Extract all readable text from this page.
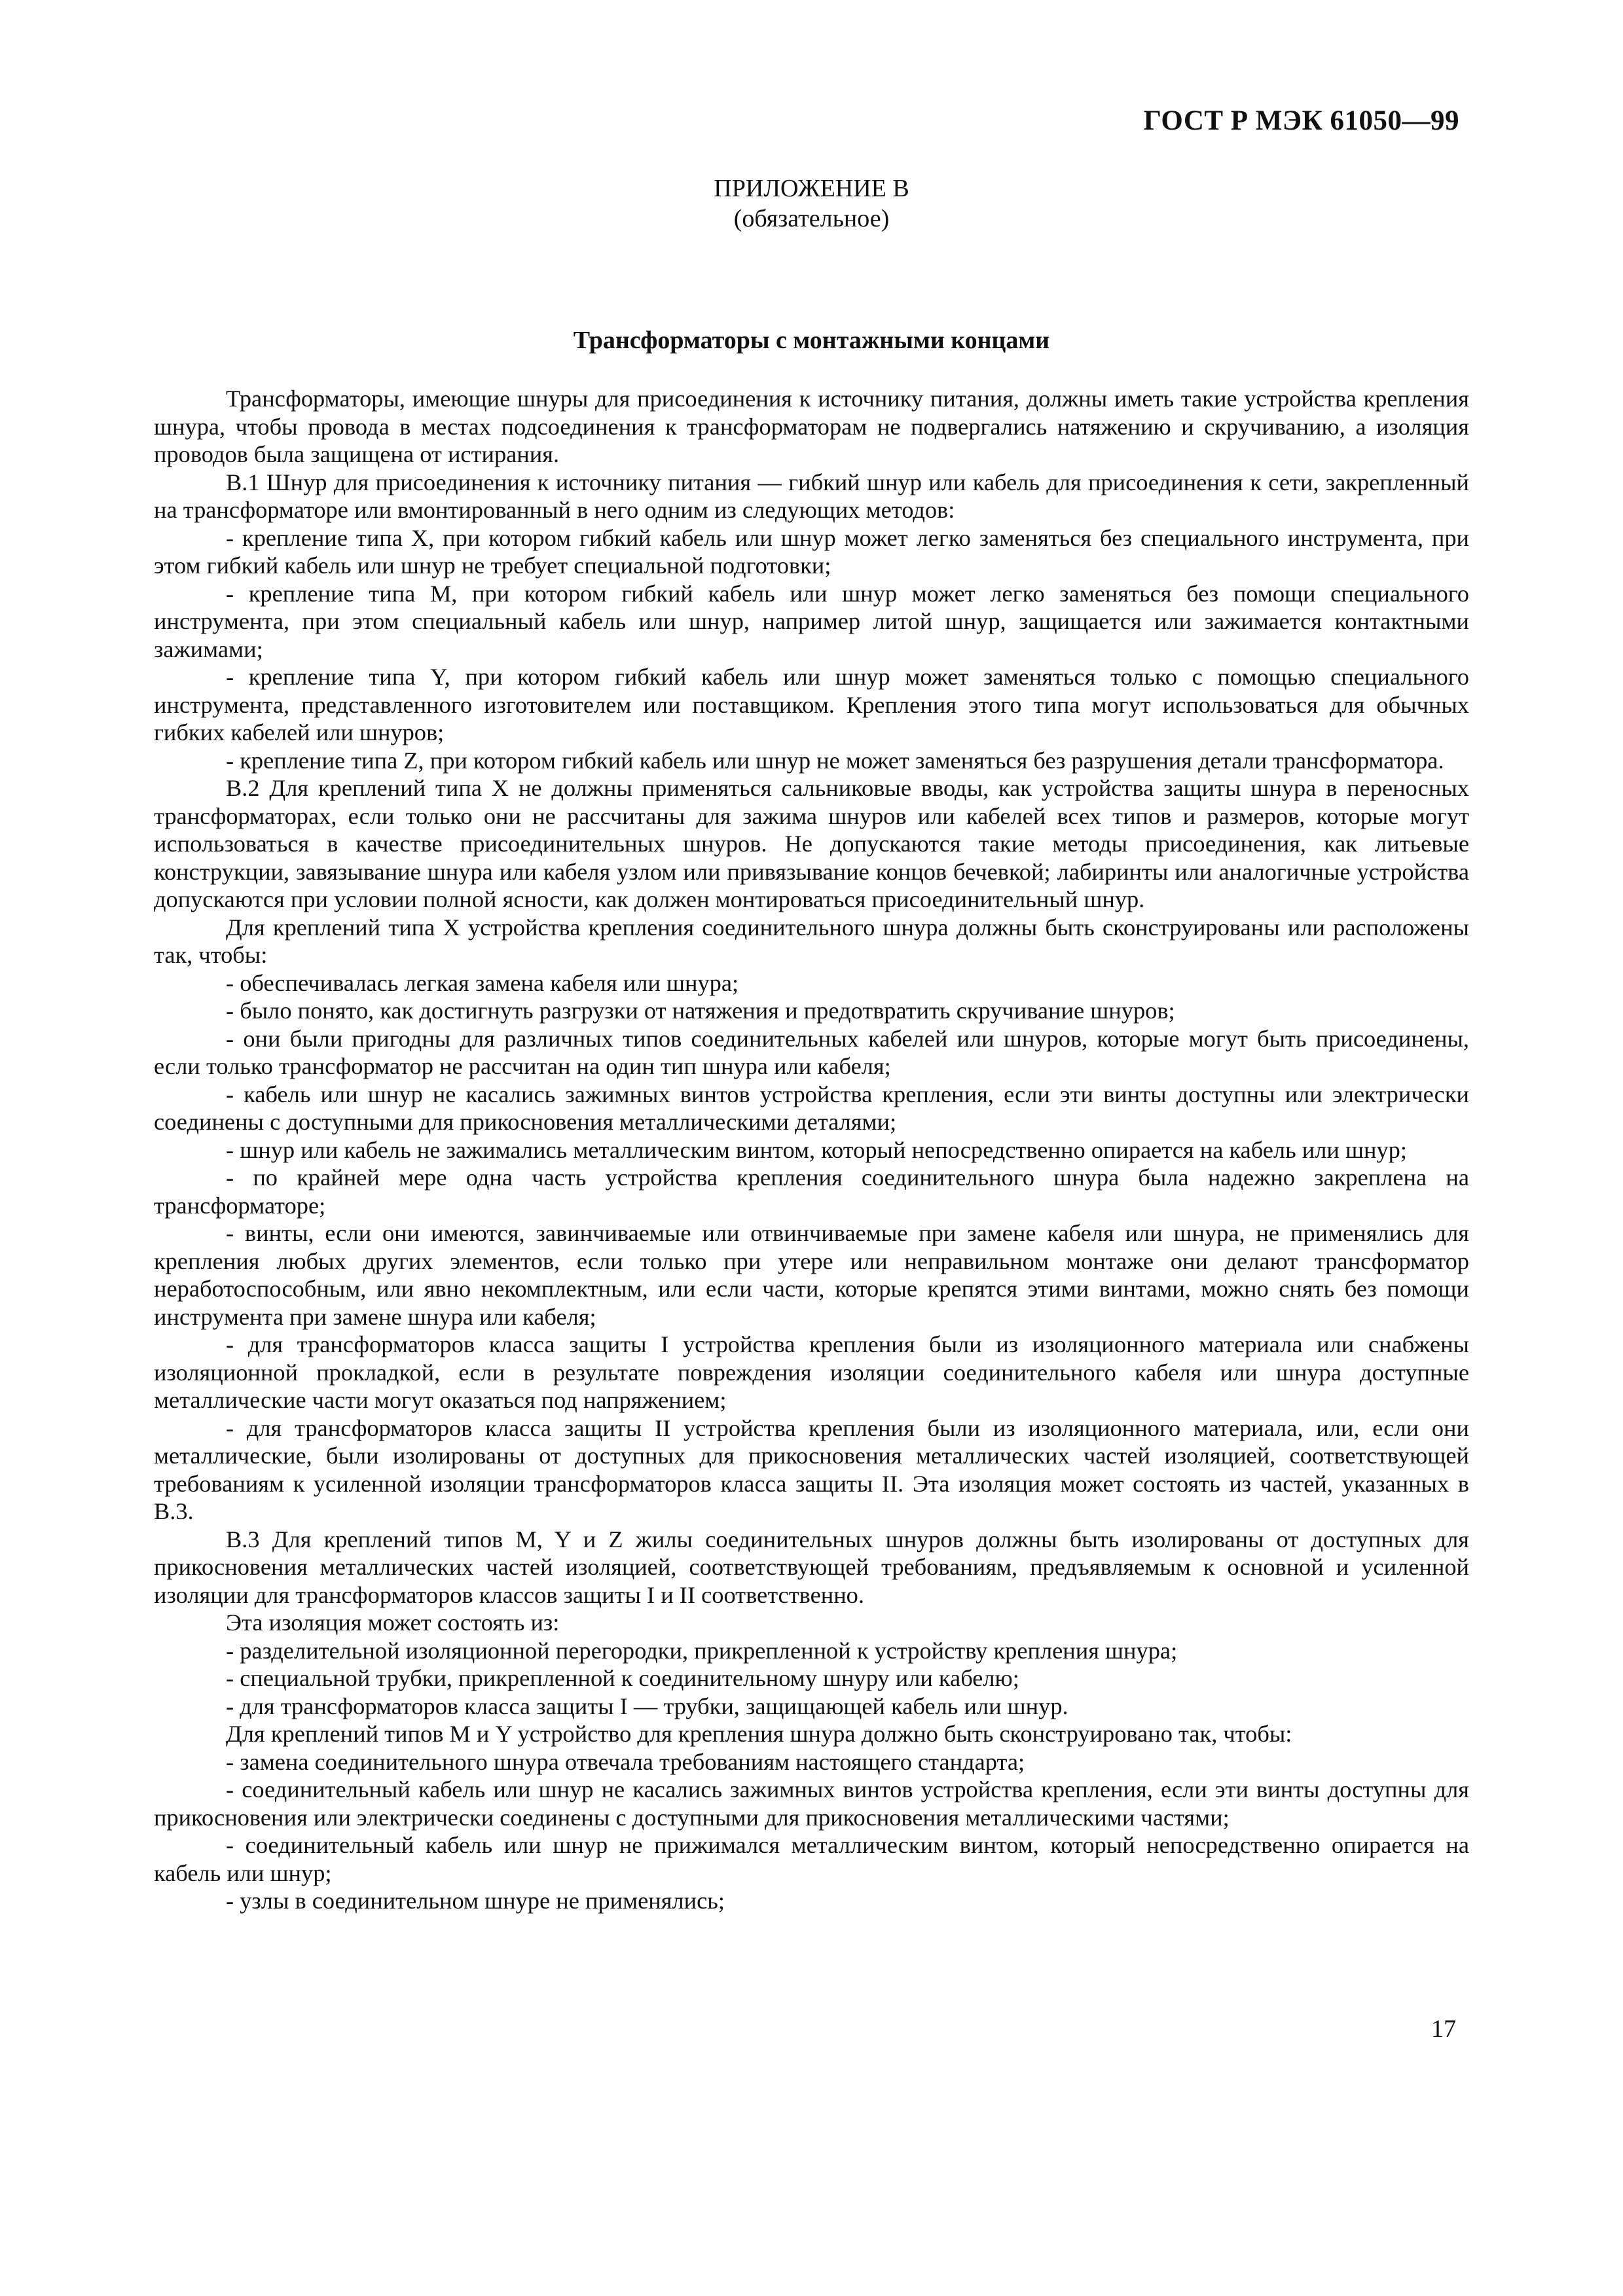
ГОСТ Р МЭК 61050—99
ПРИЛОЖЕНИЕ В
(обязательное)
Трансформаторы с монтажными концами

Трансформаторы, имеющие шнуры для присоединения к источнику питания, должны иметь такие устройства крепления шнура, чтобы провода в местах подсоединения к трансформаторам не подвергались натяжению и скручиванию, а изоляция проводов была защищена от истирания.

В.1 Шнур для присоединения к источнику питания — гибкий шнур или кабель для присоединения к сети, закрепленный на трансформаторе или вмонтированный в него одним из следующих методов:

- крепление типа X, при котором гибкий кабель или шнур может легко заменяться без специального инструмента, при этом гибкий кабель или шнур не требует специальной подготовки;

- крепление типа M, при котором гибкий кабель или шнур может легко заменяться без помощи специального инструмента, при этом специальный кабель или шнур, например литой шнур, защищается или зажимается контактными зажимами;

- крепление типа Y, при котором гибкий кабель или шнур может заменяться только с помощью специального инструмента, представленного изготовителем или поставщиком. Крепления этого типа могут использоваться для обычных гибких кабелей или шнуров;

- крепление типа Z, при котором гибкий кабель или шнур не может заменяться без разрушения детали трансформатора.

В.2 Для креплений типа X не должны применяться сальниковые вводы, как устройства защиты шнура в переносных трансформаторах, если только они не рассчитаны для зажима шнуров или кабелей всех типов и размеров, которые могут использоваться в качестве присоединительных шнуров. Не допускаются такие методы присоединения, как литьевые конструкции, завязывание шнура или кабеля узлом или привязывание концов бечевкой; лабиринты или аналогичные устройства допускаются при условии полной ясности, как должен монтироваться присоединительный шнур.

Для креплений типа X устройства крепления соединительного шнура должны быть сконструированы или расположены так, чтобы:

- обеспечивалась легкая замена кабеля или шнура;

- было понято, как достигнуть разгрузки от натяжения и предотвратить скручивание шнуров;

- они были пригодны для различных типов соединительных кабелей или шнуров, которые могут быть присоединены, если только трансформатор не рассчитан на один тип шнура или кабеля;

- кабель или шнур не касались зажимных винтов устройства крепления, если эти винты доступны или электрически соединены с доступными для прикосновения металлическими деталями;

- шнур или кабель не зажимались металлическим винтом, который непосредственно опирается на кабель или шнур;

- по крайней мере одна часть устройства крепления соединительного шнура была надежно закреплена на трансформаторе;

- винты, если они имеются, завинчиваемые или отвинчиваемые при замене кабеля или шнура, не применялись для крепления любых других элементов, если только при утере или неправильном монтаже они делают трансформатор неработоспособным, или явно некомплектным, или если части, которые крепятся этими винтами, можно снять без помощи инструмента при замене шнура или кабеля;

- для трансформаторов класса защиты I устройства крепления были из изоляционного материала или снабжены изоляционной прокладкой, если в результате повреждения изоляции соединительного кабеля или шнура доступные металлические части могут оказаться под напряжением;

- для трансформаторов класса защиты II устройства крепления были из изоляционного материала, или, если они металлические, были изолированы от доступных для прикосновения металлических частей изоляцией, соответствующей требованиям к усиленной изоляции трансформаторов класса защиты II. Эта изоляция может состоять из частей, указанных в В.3.

В.3 Для креплений типов M, Y и Z жилы соединительных шнуров должны быть изолированы от доступных для прикосновения металлических частей изоляцией, соответствующей требованиям, предъявляемым к основной и усиленной изоляции для трансформаторов классов защиты I и II соответственно.

Эта изоляция может состоять из:

- разделительной изоляционной перегородки, прикрепленной к устройству крепления шнура;

- специальной трубки, прикрепленной к соединительному шнуру или кабелю;

- для трансформаторов класса защиты I — трубки, защищающей кабель или шнур.

Для креплений типов M и Y устройство для крепления шнура должно быть сконструировано так, чтобы:

- замена соединительного шнура отвечала требованиям настоящего стандарта;

- соединительный кабель или шнур не касались зажимных винтов устройства крепления, если эти винты доступны для прикосновения или электрически соединены с доступными для прикосновения металлическими частями;

- соединительный кабель или шнур не прижимался металлическим винтом, который непосредственно опирается на кабель или шнур;

- узлы в соединительном шнуре не применялись;

17
